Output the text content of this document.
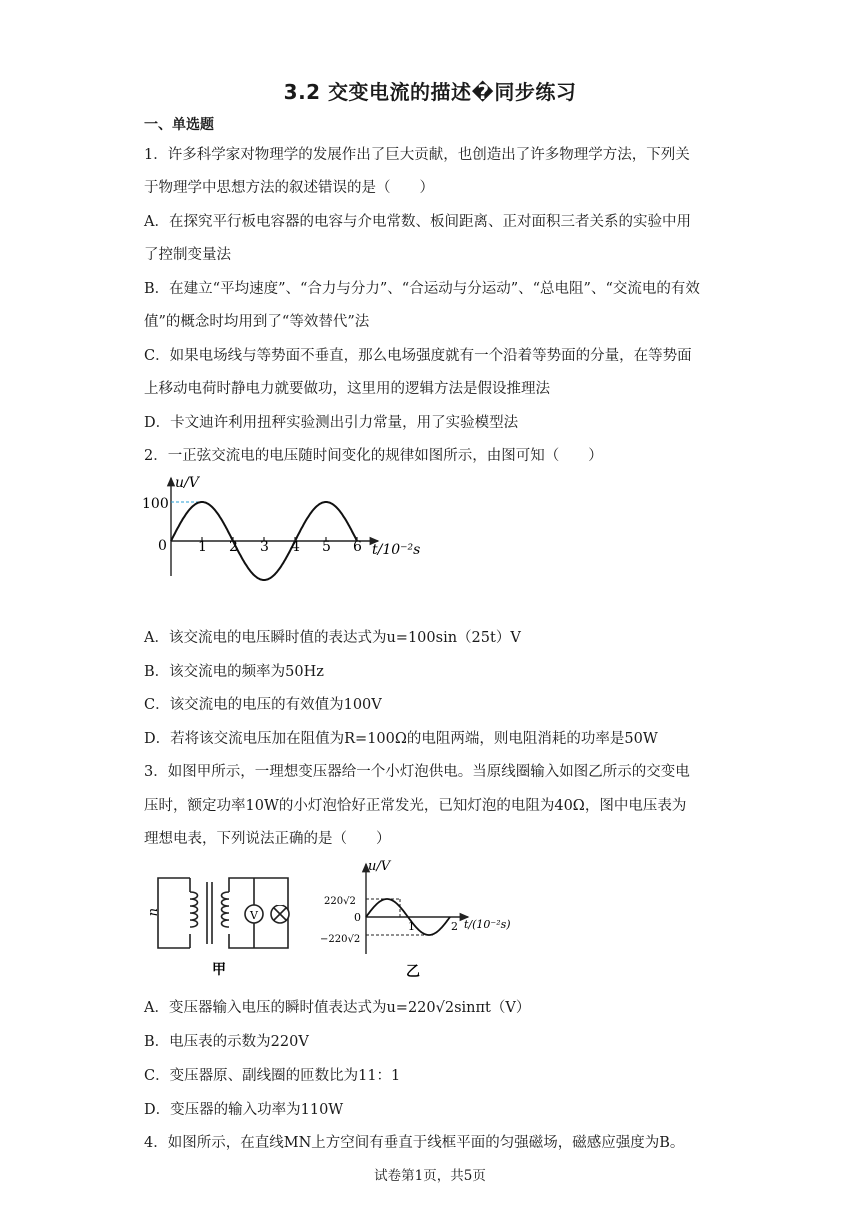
3.2 交变电流的描述�同步练习
一、单选题
1．许多科学家对物理学的发展作出了巨大贡献，也创造出了许多物理学方法，下列关
于物理学中思想方法的叙述错误的是（　　）
A．在探究平行板电容器的电容与介电常数、板间距离、正对面积三者关系的实验中用
了控制变量法
B．在建立“平均速度”、“合力与分力”、“合运动与分运动”、“总电阻”、“交流电的有效
值”的概念时均用到了“等效替代”法
C．如果电场线与等势面不垂直，那么电场强度就有一个沿着等势面的分量，在等势面
上移动电荷时静电力就要做功，这里用的逻辑方法是假设推理法
D．卡文迪许利用扭秤实验测出引力常量，用了实验模型法
2．一正弦交流电的电压随时间变化的规律如图所示，由图可知（　　）
u/V
100
0 1 2 3 4 5 6 t/10⁻²s
A．该交流电的电压瞬时值的表达式为u=100sin（25t）V
B．该交流电的频率为50Hz
C．该交流电的电压的有效值为100V
D．若将该交流电压加在阻值为R=100Ω的电阻两端，则电阻消耗的功率是50W
3．如图甲所示，一理想变压器给一个小灯泡供电。当原线圈输入如图乙所示的交变电
压时，额定功率10W的小灯泡恰好正常发光，已知灯泡的电阻为40Ω，图中电压表为
理想电表，下列说法正确的是（　　）
V
u
甲
u/V
220√2
0
−220√2
1	2 t/(10⁻²s)
乙
A．变压器输入电压的瞬时值表达式为u=220√2sinπt（V）
B．电压表的示数为220V
C．变压器原、副线圈的匝数比为11：1
D．变压器的输入功率为110W
4．如图所示，在直线MN上方空间有垂直于线框平面的匀强磁场，磁感应强度为B。
试卷第1页，共5页
